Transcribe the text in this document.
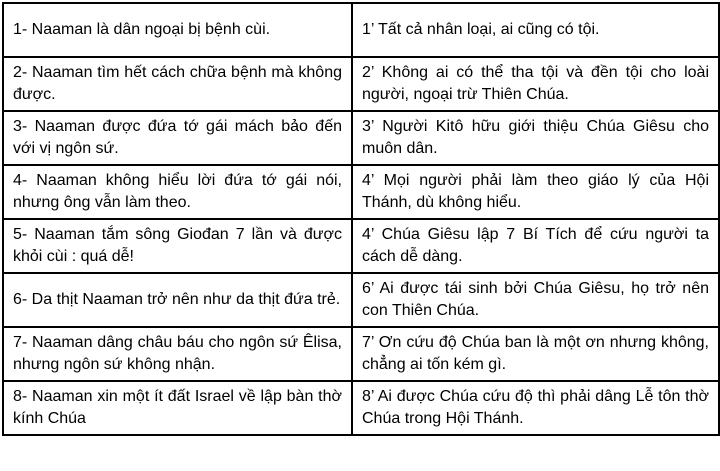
1- Naaman là dân ngoại bị bệnh cùi.	1’ Tất cả nhân loại, ai cũng có tội.
2- Naaman tìm hết cách chữa bệnh mà không được.	2’ Không ai có thể tha tội và đền tội cho loài người, ngoại trừ Thiên Chúa.
3- Naaman được đứa tớ gái mách bảo đến với vị ngôn sứ.	3’ Người Kitô hữu giới thiệu Chúa Giêsu cho muôn dân.
4- Naaman không hiểu lời đứa tớ gái nói, nhưng ông vẫn làm theo.	4’ Mọi người phải làm theo giáo lý của Hội Thánh, dù không hiểu.
5- Naaman tắm sông Giođan 7 lần và được khỏi cùi : quá dễ!	4’ Chúa Giêsu lập 7 Bí Tích để cứu người ta cách dễ dàng.
6- Da thịt Naaman trở nên như da thịt đứa trẻ.	6’ Ai được tái sinh bởi Chúa Giêsu, họ trở nên con Thiên Chúa.
7- Naaman dâng châu báu cho ngôn sứ Êlisa, nhưng ngôn sứ không nhận.	7’ Ơn cứu độ Chúa ban là một ơn nhưng không, chẳng ai tốn kém gì.
8- Naaman xin một ít đất Israel về lập bàn thờ kính Chúa	8’ Ai được Chúa cứu độ thì phải dâng Lễ tôn thờ Chúa trong Hội Thánh.
